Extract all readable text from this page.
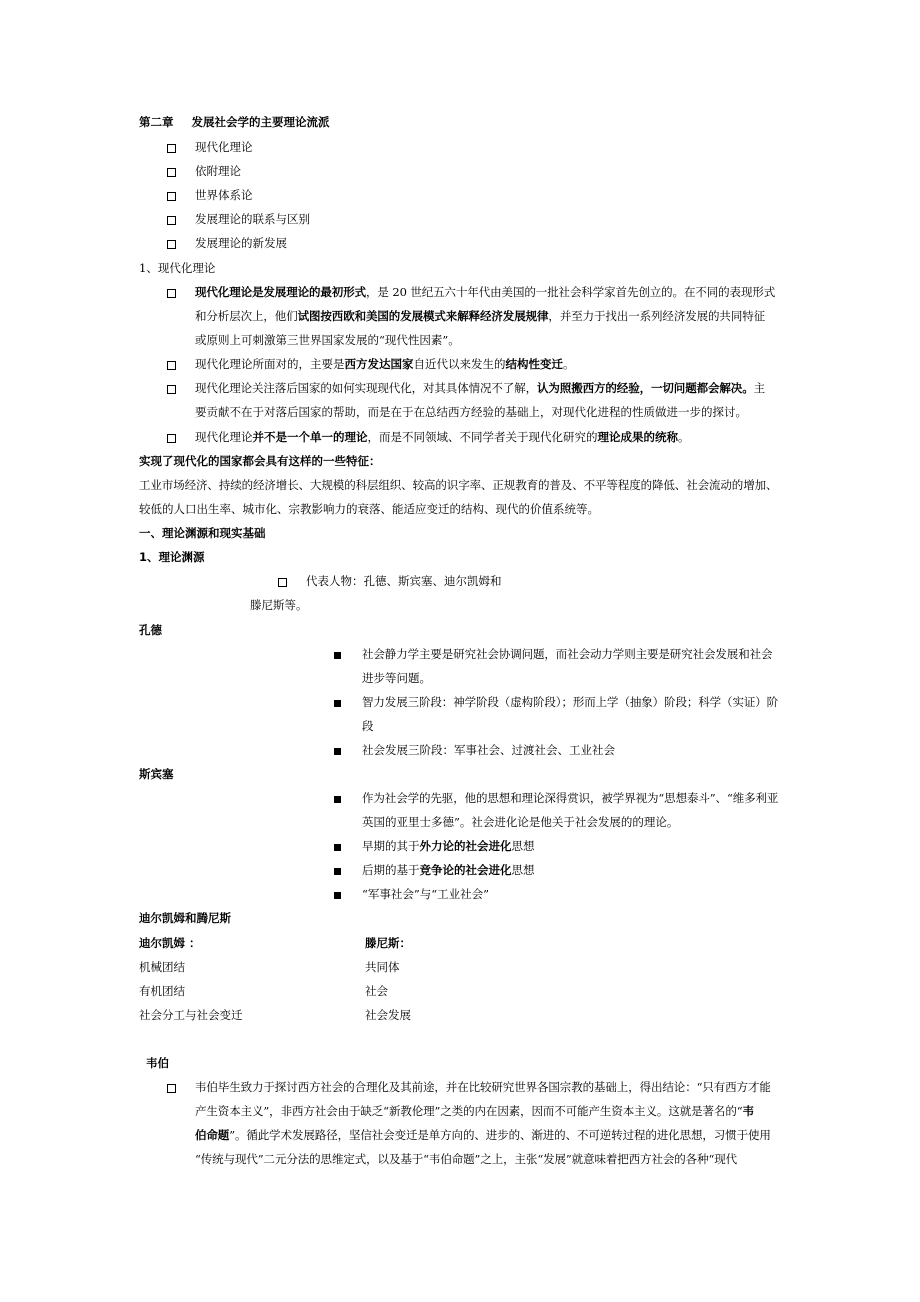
第二章 发展社会学的主要理论流派
现代化理论
依附理论
世界体系论
发展理论的联系与区别
发展理论的新发展
1、现代化理论
现代化理论是发展理论的最初形式，是 20 世纪五六十年代由美国的一批社会科学家首先创立的。在不同的表现形式
和分析层次上，他们试图按西欧和美国的发展模式来解释经济发展规律，并至力于找出一系列经济发展的共同特征
或原则上可刺激第三世界国家发展的“现代性因素”。
现代化理论所面对的，主要是西方发达国家自近代以来发生的结构性变迁。
现代化理论关注落后国家的如何实现现代化，对其具体情况不了解，认为照搬西方的经验，一切问题都会解决。主
要贡献不在于对落后国家的帮助，而是在于在总结西方经验的基础上，对现代化进程的性质做进一步的探讨。
现代化理论并不是一个单一的理论，而是不同领域、不同学者关于现代化研究的理论成果的统称。
实现了现代化的国家都会具有这样的一些特征：
工业市场经济、持续的经济增长、大规模的科层组织、较高的识字率、正规教育的普及、不平等程度的降低、社会流动的增加、
较低的人口出生率、城市化、宗教影响力的衰落、能适应变迁的结构、现代的价值系统等。
一、理论渊源和现实基础
1、理论渊源
代表人物：孔德、斯宾塞、迪尔凯姆和
滕尼斯等。
孔德
社会静力学主要是研究社会协调问题，而社会动力学则主要是研究社会发展和社会
进步等问题。
智力发展三阶段：神学阶段（虚构阶段）；形而上学（抽象）阶段；科学（实证）阶
段
社会发展三阶段：军事社会、过渡社会、工业社会
斯宾塞
作为社会学的先驱，他的思想和理论深得赏识，被学界视为“思想泰斗”、“维多利亚
英国的亚里士多德”。社会进化论是他关于社会发展的的理论。
早期的其于外力论的社会进化思想
后期的基于竞争论的社会进化思想
“军事社会”与“工业社会”
迪尔凯姆和腾尼斯
迪尔凯姆 ：	滕尼斯：
机械团结	共同体
有机团结	社会
社会分工与社会变迁	社会发展
韦伯
韦伯毕生致力于探讨西方社会的合理化及其前途，并在比较研究世界各国宗教的基础上，得出结论：“只有西方才能
产生资本主义”，非西方社会由于缺乏“新教伦理”之类的内在因素，因而不可能产生资本主义。这就是著名的“韦
伯命题”。循此学术发展路径，坚信社会变迁是单方向的、进步的、渐进的、不可逆转过程的进化思想，习惯于使用
“传统与现代”二元分法的思维定式，以及基于“韦伯命题”之上，主张“发展”就意味着把西方社会的各种“现代
